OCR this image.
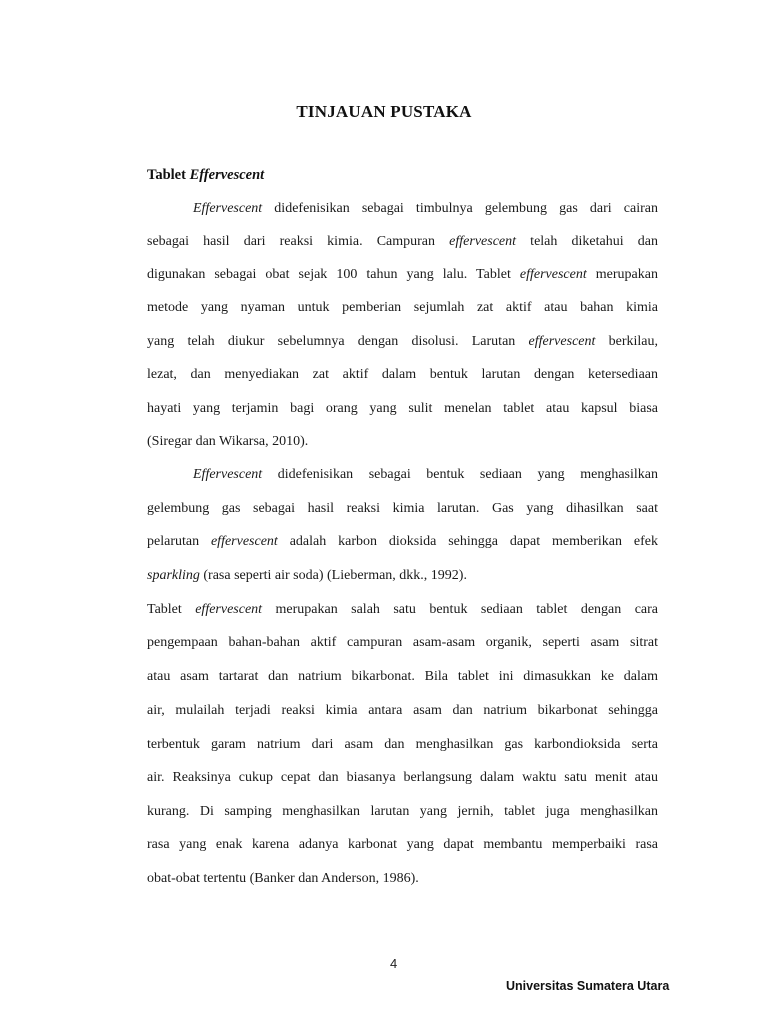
TINJAUAN PUSTAKA
Tablet Effervescent
Effervescent didefenisikan sebagai timbulnya gelembung gas dari cairan
sebagai hasil dari reaksi kimia. Campuran effervescent telah diketahui dan
digunakan sebagai obat sejak 100 tahun yang lalu. Tablet effervescent merupakan
metode yang nyaman untuk pemberian sejumlah zat aktif atau bahan kimia
yang telah diukur sebelumnya dengan disolusi. Larutan effervescent berkilau,
lezat, dan menyediakan zat aktif dalam bentuk larutan dengan ketersediaan
hayati yang terjamin bagi orang yang sulit menelan tablet atau kapsul biasa
(Siregar dan Wikarsa, 2010).
Effervescent didefenisikan sebagai bentuk sediaan yang menghasilkan
gelembung gas sebagai hasil reaksi kimia larutan. Gas yang dihasilkan saat
pelarutan effervescent adalah karbon dioksida sehingga dapat memberikan efek
sparkling (rasa seperti air soda) (Lieberman, dkk., 1992).
Tablet effervescent merupakan salah satu bentuk sediaan tablet dengan cara
pengempaan bahan-bahan aktif campuran asam-asam organik, seperti asam sitrat
atau asam tartarat dan natrium bikarbonat. Bila tablet ini dimasukkan ke dalam
air, mulailah terjadi reaksi kimia antara asam dan natrium bikarbonat sehingga
terbentuk garam natrium dari asam dan menghasilkan gas karbondioksida serta
air. Reaksinya cukup cepat dan biasanya berlangsung dalam waktu satu menit atau
kurang. Di samping menghasilkan larutan yang jernih, tablet juga menghasilkan
rasa yang enak karena adanya karbonat yang dapat membantu memperbaiki rasa
obat-obat tertentu (Banker dan Anderson, 1986).
4
Universitas Sumatera Utara
